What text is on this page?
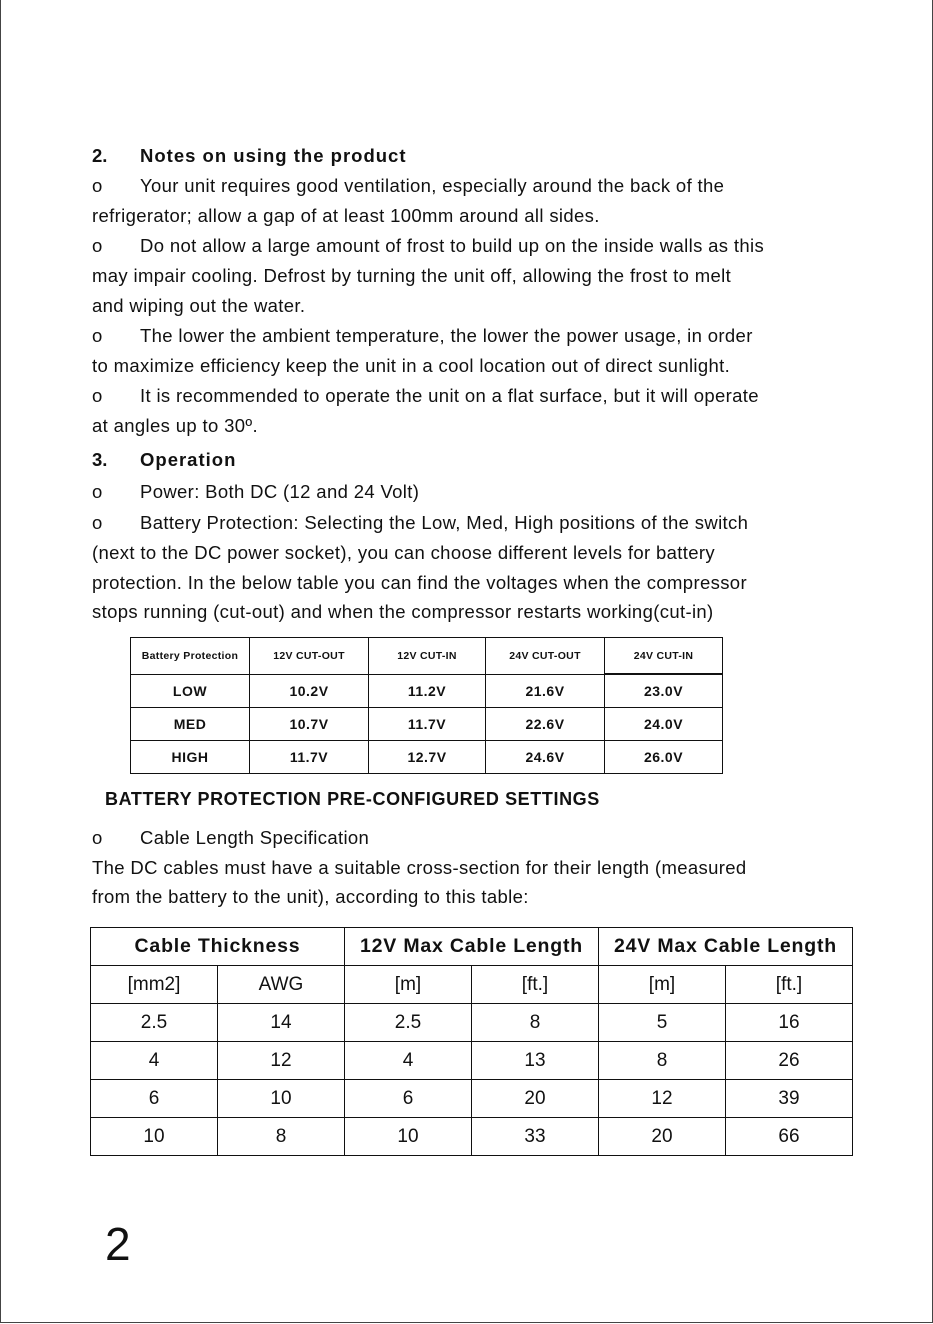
2. Notes on using the product
o Your unit requires good ventilation, especially around the back of the
refrigerator; allow a gap of at least 100mm around all sides.
o Do not allow a large amount of frost to build up on the inside walls as this
may impair cooling. Defrost by turning the unit off, allowing the frost to melt
and wiping out the water.
o The lower the ambient temperature, the lower the power usage, in order
to maximize efficiency keep the unit in a cool location out of direct sunlight.
o It is recommended to operate the unit on a flat surface, but it will operate
at angles up to 30º.
3. Operation
o Power: Both DC (12 and 24 Volt)
o Battery Protection: Selecting the Low, Med, High positions of the switch
(next to the DC power socket), you can choose different levels for battery
protection. In the below table you can find the voltages when the compressor
stops running (cut-out) and when the compressor restarts working(cut-in)
Battery Protection	12V CUT-OUT	12V CUT-IN	24V CUT-OUT	24V CUT-IN
LOW	10.2V	11.2V	21.6V	23.0V
MED	10.7V	11.7V	22.6V	24.0V
HIGH	11.7V	12.7V	24.6V	26.0V
BATTERY PROTECTION PRE-CONFIGURED SETTINGS
o Cable Length Specification
The DC cables must have a suitable cross-section for their length (measured
from the battery to the unit), according to this table:
Cable Thickness		12V Max Cable Length		24V Max Cable Length	
[mm2]	AWG	[m]	[ft.]	[m]	[ft.]
2.5	14	2.5	8	5	16
4	12	4	13	8	26
6	10	6	20	12	39
10	8	10	33	20	66
2
